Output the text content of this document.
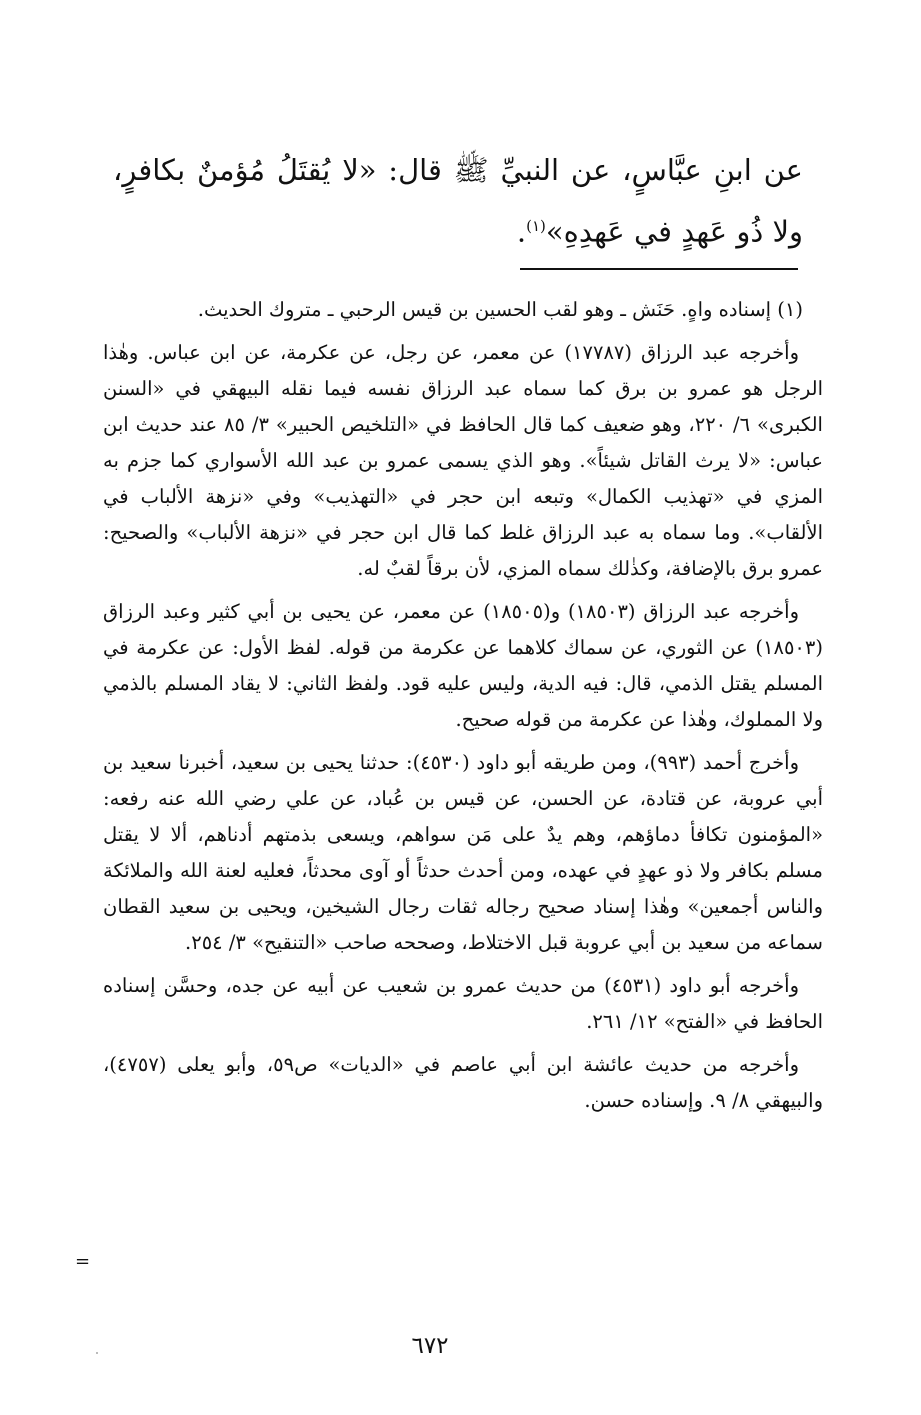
عن ابنِ عبَّاسٍ، عن النبيِّ ﷺ قال: «لا يُقتَلُ مُؤمنٌ بكافرٍ، ولا ذُو عَهدٍ في عَهدِهِ»$^{(١)}$.

(١) إسناده واهٍ. حَنَش ـ وهو لقب الحسين بن قيس الرحبي ـ متروك الحديث.

وأخرجه عبد الرزاق (١٧٧٨٧) عن معمر، عن رجل، عن عكرمة، عن ابن عباس. وهٰذا الرجل هو عمرو بن برق كما سماه عبد الرزاق نفسه فيما نقله البيهقي في «السنن الكبرى» ٦/ ٢٢٠، وهو ضعيف كما قال الحافظ في «التلخيص الحبير» ٣/ ٨٥ عند حديث ابن عباس: «لا يرث القاتل شيئاً». وهو الذي يسمى عمرو بن عبد الله الأسواري كما جزم به المزي في «تهذيب الكمال» وتبعه ابن حجر في «التهذيب» وفي «نزهة الألباب في الألقاب». وما سماه به عبد الرزاق غلط كما قال ابن حجر في «نزهة الألباب» والصحيح: عمرو برق بالإضافة، وكذٰلك سماه المزي، لأن برقاً لقبٌ له.

وأخرجه عبد الرزاق (١٨٥٠٣) و(١٨٥٠٥) عن معمر، عن يحيى بن أبي كثير وعبد الرزاق (١٨٥٠٣) عن الثوري، عن سماك كلاهما عن عكرمة من قوله. لفظ الأول: عن عكرمة في المسلم يقتل الذمي، قال: فيه الدية، وليس عليه قود. ولفظ الثاني: لا يقاد المسلم بالذمي ولا المملوك، وهٰذا عن عكرمة من قوله صحيح.

وأخرج أحمد (٩٩٣)، ومن طريقه أبو داود (٤٥٣٠): حدثنا يحيى بن سعيد، أخبرنا سعيد بن أبي عروبة، عن قتادة، عن الحسن، عن قيس بن عُباد، عن علي رضي الله عنه رفعه: «المؤمنون تكافأ دماؤهم، وهم يدٌ على مَن سواهم، ويسعى بذمتهم أدناهم، ألا لا يقتل مسلم بكافر ولا ذو عهدٍ في عهده، ومن أحدث حدثاً أو آوى محدثاً، فعليه لعنة الله والملائكة والناس أجمعين» وهٰذا إسناد صحيح رجاله ثقات رجال الشيخين، ويحيى بن سعيد القطان سماعه من سعيد بن أبي عروبة قبل الاختلاط، وصححه صاحب «التنقيح» ٣/ ٢٥٤.

وأخرجه أبو داود (٤٥٣١) من حديث عمرو بن شعيب عن أبيه عن جده، وحسَّن إسناده الحافظ في «الفتح» ١٢/ ٢٦١.

وأخرجه من حديث عائشة ابن أبي عاصم في «الديات» ص٥٩، وأبو يعلى (٤٧٥٧)، والبيهقي ٨/ ٩. وإسناده حسن.

=
٦٧٢
